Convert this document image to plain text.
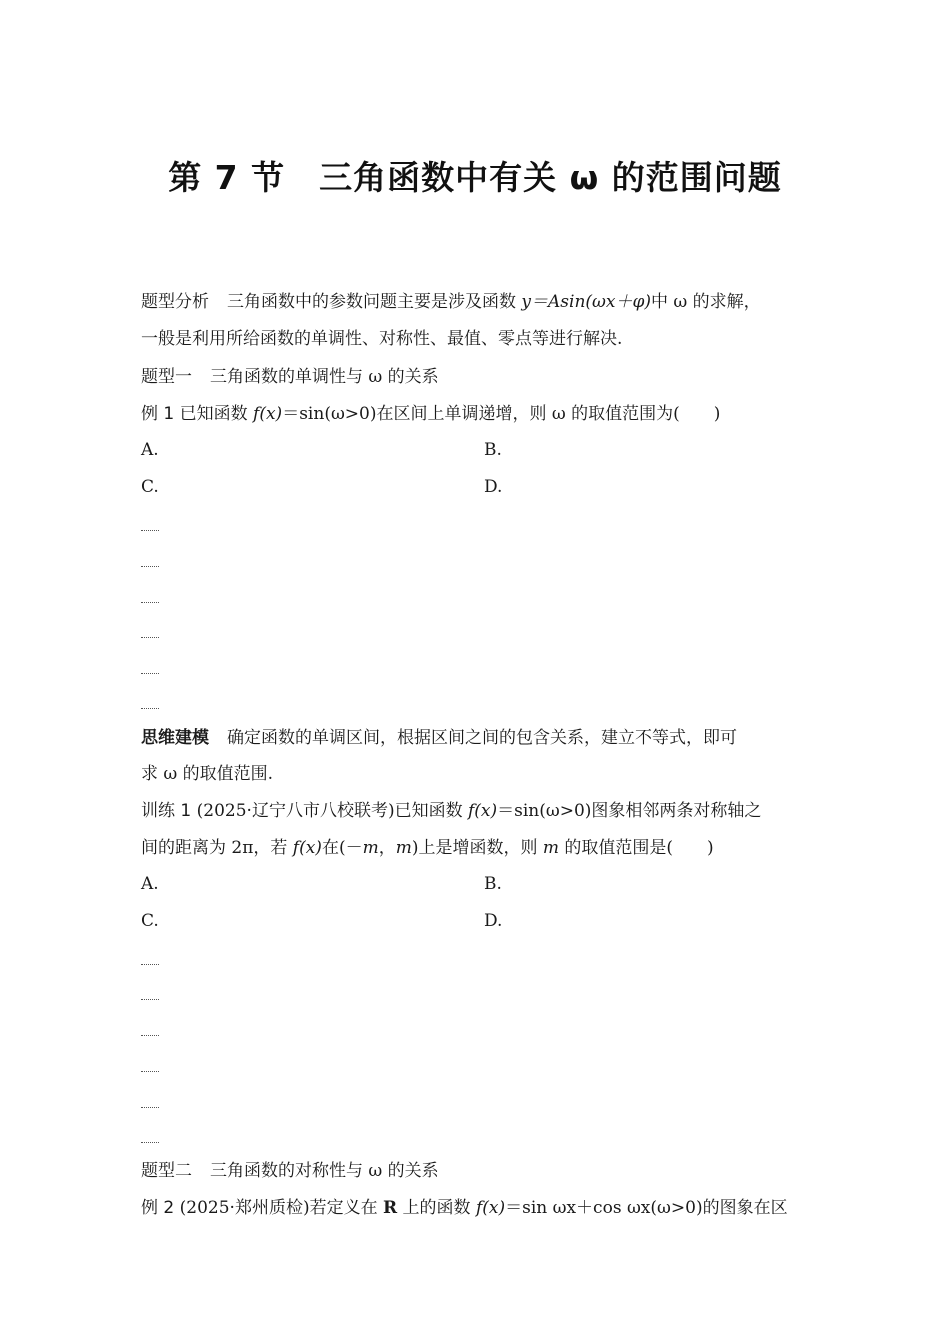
第 7 节　三角函数中有关 ω 的范围问题
题型分析 三角函数中的参数问题主要是涉及函数 y＝Asin(ωx＋φ)中 ω 的求解，
一般是利用所给函数的单调性、对称性、最值、零点等进行解决.
题型一 三角函数的单调性与 ω 的关系
例 1 已知函数 f(x)＝sin(ω>0)在区间上单调递增，则 ω 的取值范围为(　　)
A.	B.
C.	D.
思维建模 确定函数的单调区间，根据区间之间的包含关系，建立不等式，即可
求 ω 的取值范围.
训练 1 (2025·辽宁八市八校联考)已知函数 f(x)＝sin(ω>0)图象相邻两条对称轴之
间的距离为 2π，若 f(x)在(－m，m)上是增函数，则 m 的取值范围是(　　)
A.	B.
C.	D.
题型二 三角函数的对称性与 ω 的关系
例 2 (2025·郑州质检)若定义在 R 上的函数 f(x)＝sin ωx＋cos ωx(ω>0)的图象在区
